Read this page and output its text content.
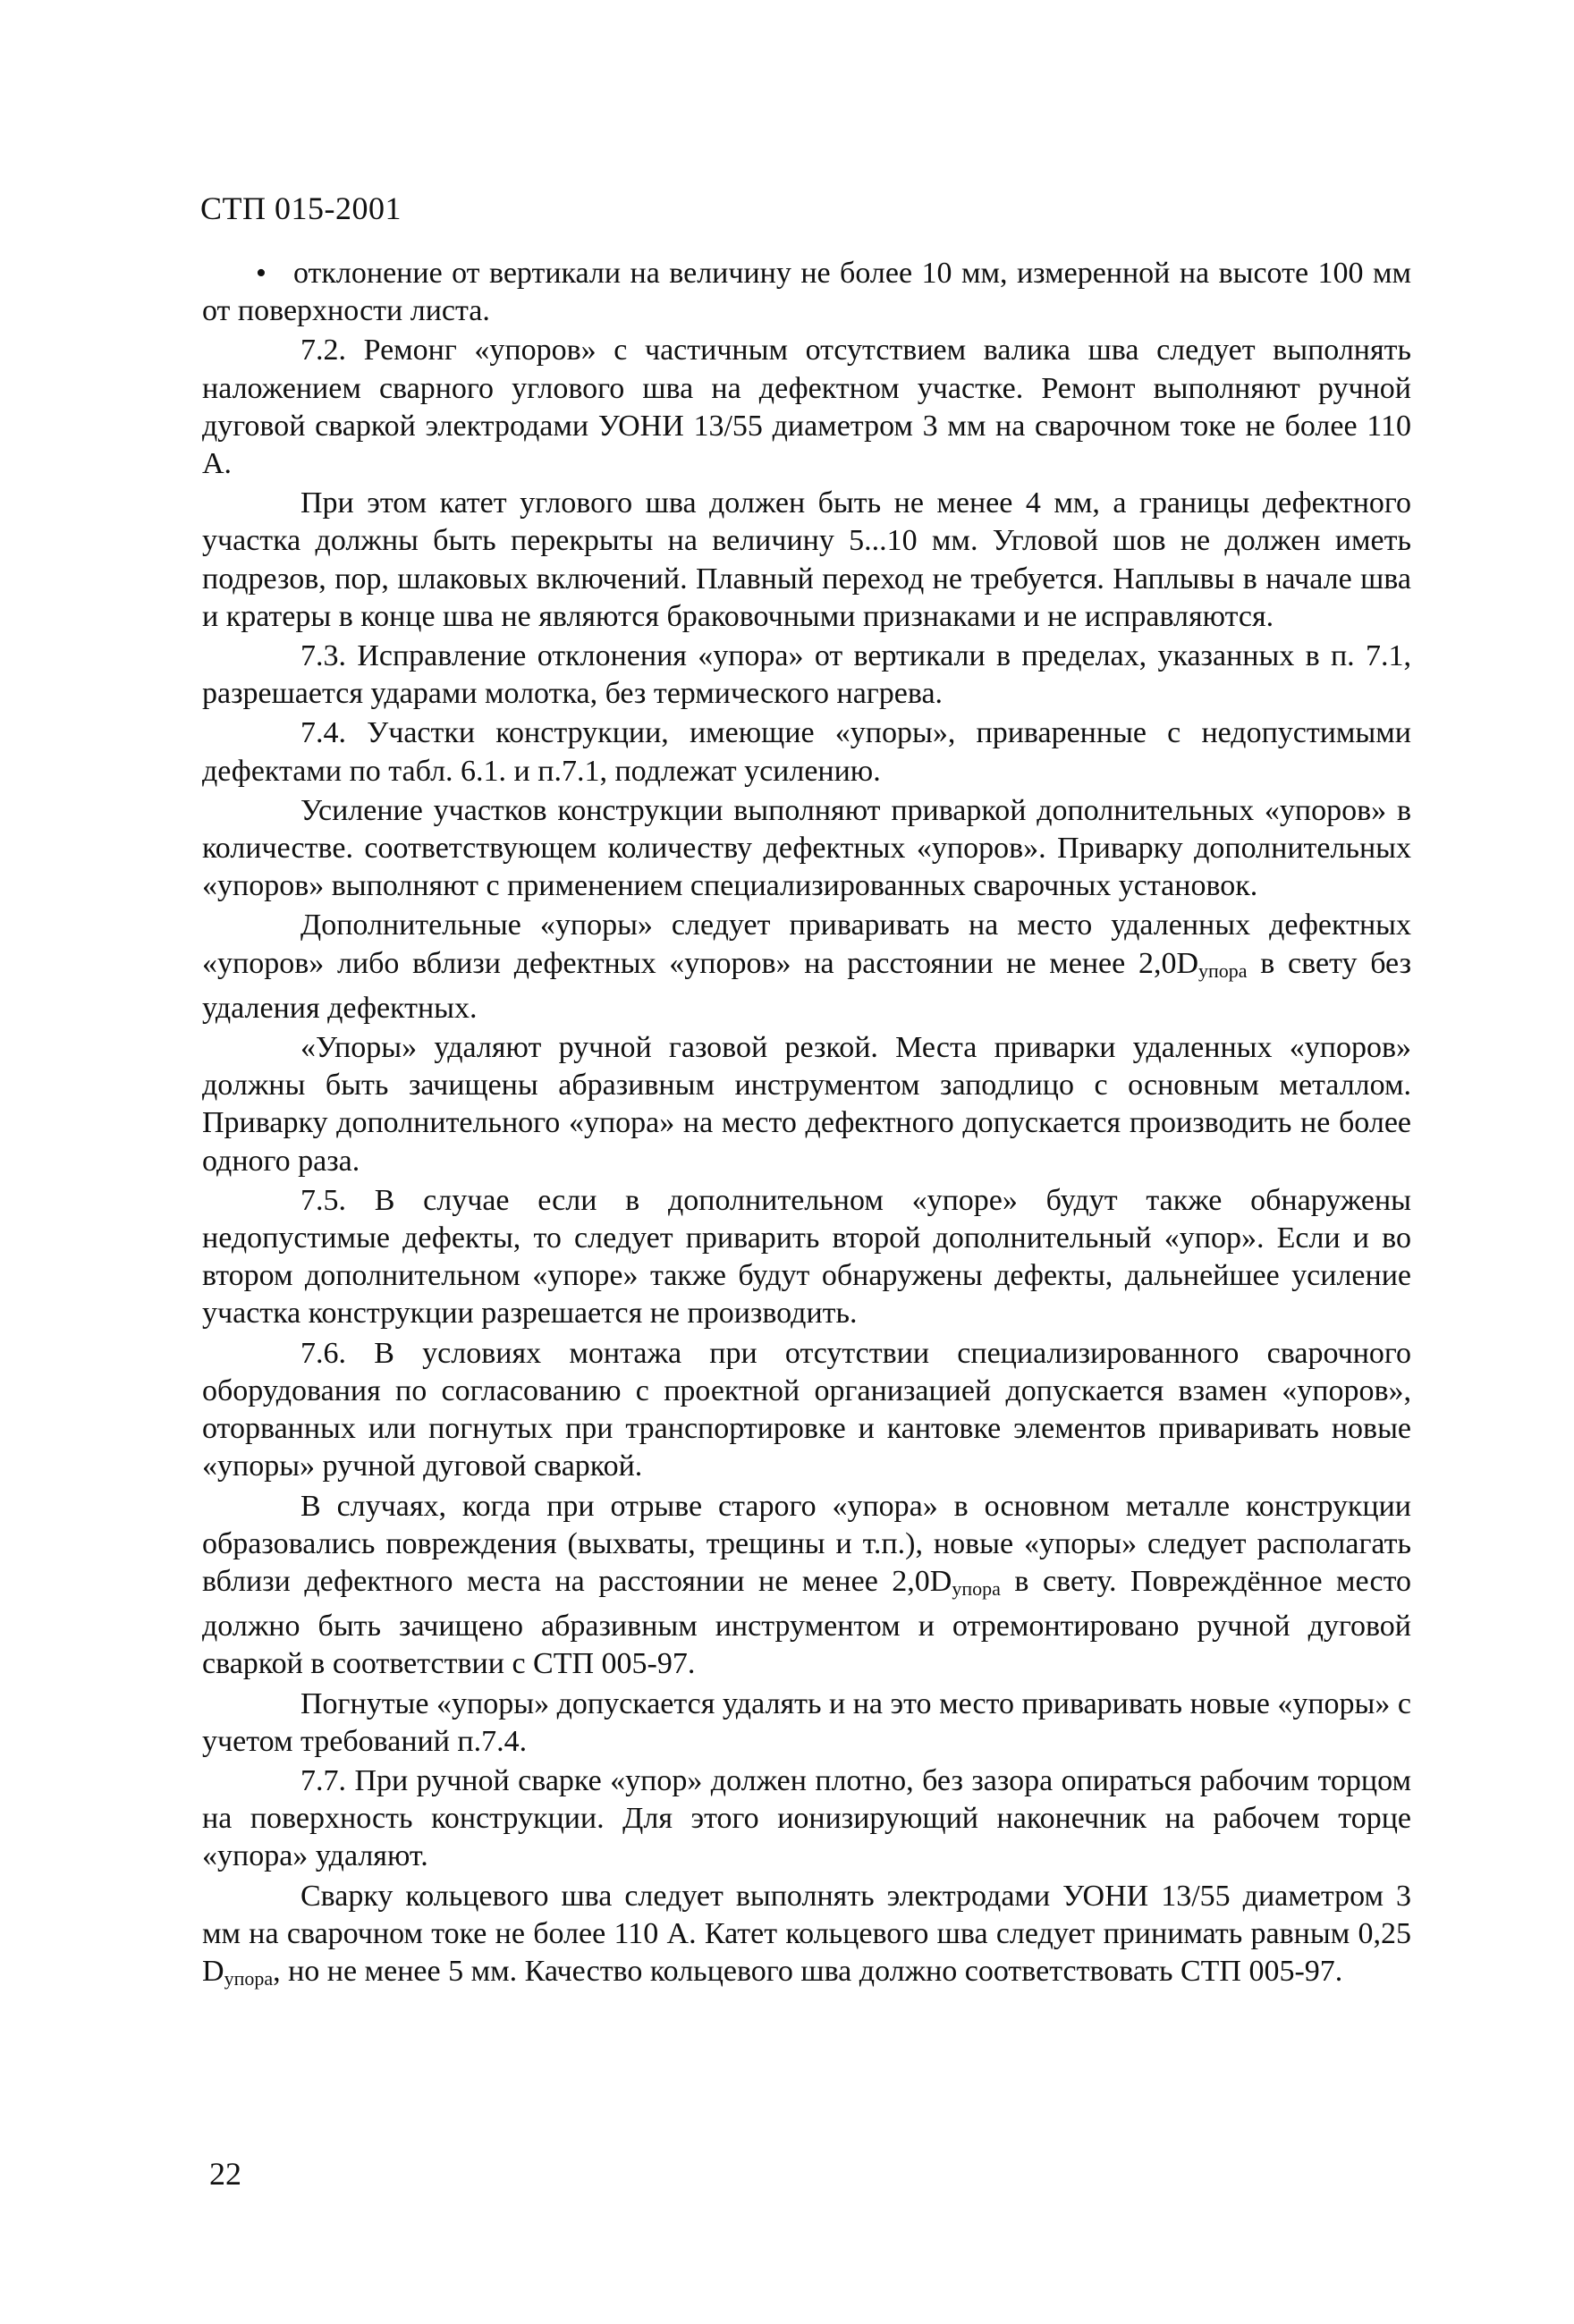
СТП 015-2001

• отклонение от вертикали на величину не более 10 мм, измеренной на высоте 100 мм от поверхности листа.

7.2. Ремонг «упоров» с частичным отсутствием валика шва следует выполнять наложением сварного углового шва на дефектном участке. Ремонт выполняют ручной дуговой сваркой электродами УОНИ 13/55 диаметром 3 мм на сварочном токе не более 110 А.

При этом катет углового шва должен быть не менее 4 мм, а границы дефектного участка должны быть перекрыты на величину 5...10 мм. Угловой шов не должен иметь подрезов, пор, шлаковых включений. Плавный переход не требуется. Наплывы в начале шва и кратеры в конце шва не являются браковочными признаками и не исправляются.

7.3. Исправление отклонения «упора» от вертикали в пределах, указанных в п. 7.1, разрешается ударами молотка, без термического нагрева.

7.4. Участки конструкции, имеющие «упоры», приваренные с недопустимыми дефектами по табл. 6.1. и п.7.1, подлежат усилению.

Усиление участков конструкции выполняют приваркой дополнительных «упоров» в количестве. соответствующем количеству дефектных «упоров». Приварку дополнительных «упоров» выполняют с применением специализированных сварочных установок.

Дополнительные «упоры» следует приваривать на место удаленных дефектных «упоров» либо вблизи дефектных «упоров» на расстоянии не менее $2,0D_{упора}$ в свету без удаления дефектных.

«Упоры» удаляют ручной газовой резкой. Места приварки удаленных «упоров» должны быть зачищены абразивным инструментом заподлицо с основным металлом. Приварку дополнительного «упора» на место дефектного допускается производить не более одного раза.

7.5. В случае если в дополнительном «упоре» будут также обнаружены недопустимые дефекты, то следует приварить второй дополнительный «упор». Если и во втором дополнительном «упоре» также будут обнаружены дефекты, дальнейшее усиление участка конструкции разрешается не производить.

7.6. В условиях монтажа при отсутствии специализированного сварочного оборудования по согласованию с проектной организацией допускается взамен «упоров», оторванных или погнутых при транспортировке и кантовке элементов приваривать новые «упоры» ручной дуговой сваркой.

В случаях, когда при отрыве старого «упора» в основном металле конструкции образовались повреждения (выхваты, трещины и т.п.), новые «упоры» следует располагать вблизи дефектного места на расстоянии не менее $2,0D_{упора}$ в свету. Повреждённое место должно быть зачищено абразивным инструментом и отремонтировано ручной дуговой сваркой в соответствии с СТП 005-97.

Погнутые «упоры» допускается удалять и на это место приваривать новые «упоры» с учетом требований п.7.4.

7.7. При ручной сварке «упор» должен плотно, без зазора опираться рабочим торцом на поверхность конструкции. Для этого ионизирующий наконечник на рабочем торце «упора» удаляют.

Сварку кольцевого шва следует выполнять электродами УОНИ 13/55 диаметром 3 мм на сварочном токе не более 110 А. Катет кольцевого шва следует принимать равным 0,25 $D_{упора}$, но не менее 5 мм. Качество кольцевого шва должно соответствовать СТП 005-97.

22
